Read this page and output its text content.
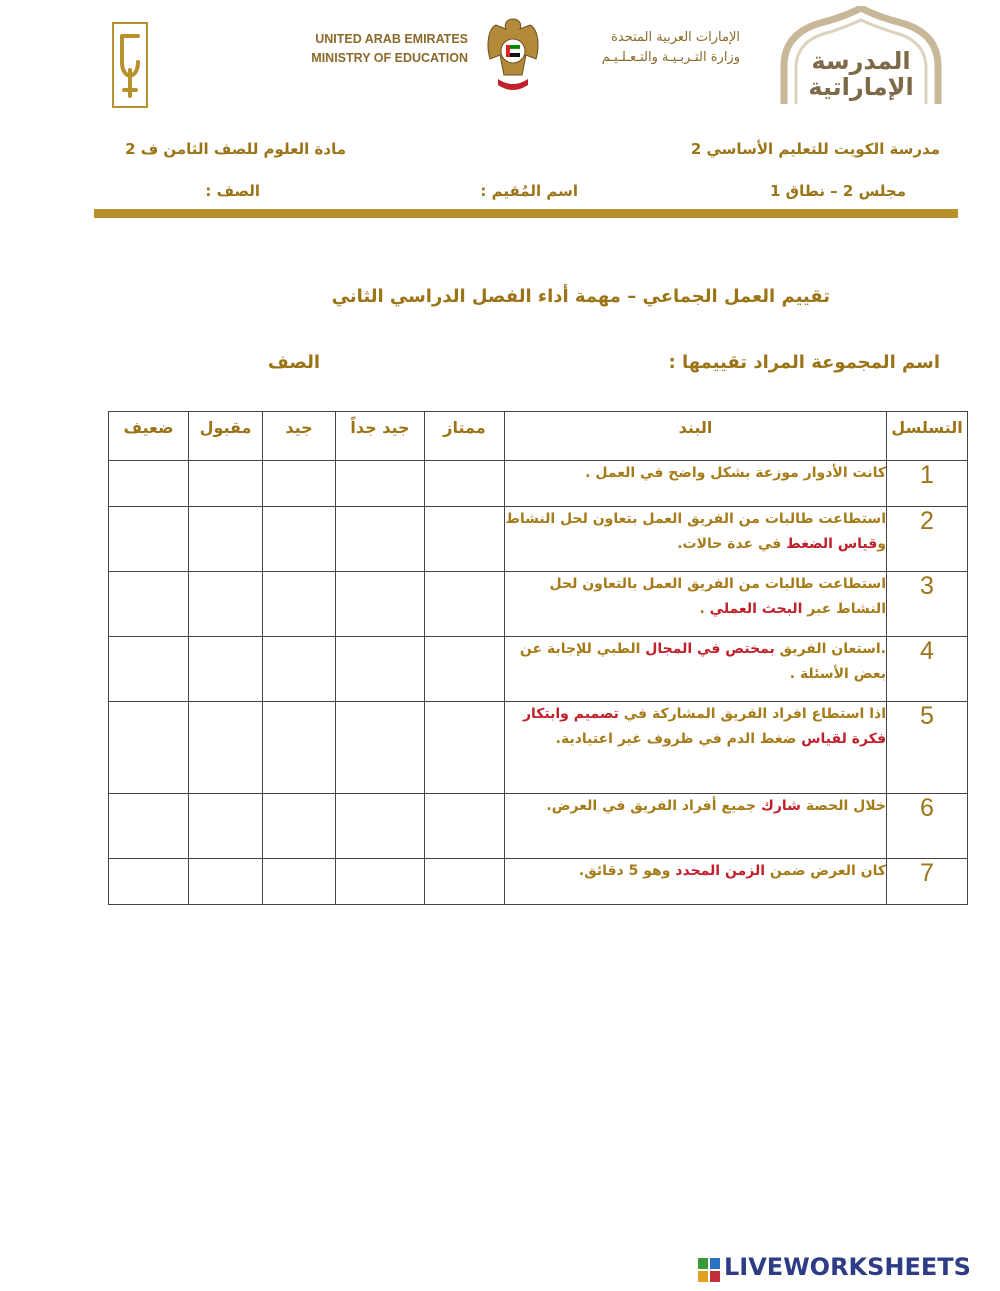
UNITED ARAB EMIRATES
MINISTRY OF EDUCATION
الإمارات العربية المتحدة
وزارة التـربـيـة والتـعـلـيـم	المدرسة
الإماراتية
مدرسة الكويت للتعليم الأساسي 2
مادة العلوم للصف الثامن ف 2
مجلس 2 – نطاق 1
اسم المُقيم :
الصف :
تقييم العمل الجماعي – مهمة أداء الفصل الدراسي الثاني
اسم المجموعة المراد تقييمها :
الصف
ضعيف	مقبول	جيد	جيد جداً	ممتاز	البند	التسلسل
					كانت الأدوار موزعة بشكل واضح في العمل .	1
					استطاعت طالبات من الفريق العمل بتعاون لحل النشاط وقياس الضغط في عدة حالات.	2
					استطاعت طالبات من الفريق العمل بالتعاون لحل النشاط عبر البحث العملي .	3
					.استعان الفريق بمختص في المجال الطبي للإجابة عن بعض الأسئلة .	4
					اذا استطاع افراد الفريق المشاركة في تصميم وابتكار فكرة لقياس ضغط الدم في ظروف غير اعتيادية.	5
					خلال الحصة شارك جميع أفراد الفريق في العرض.	6
					كان العرض ضمن الزمن المحدد وهو 5 دقائق.	7
LIVEWORKSHEETS
